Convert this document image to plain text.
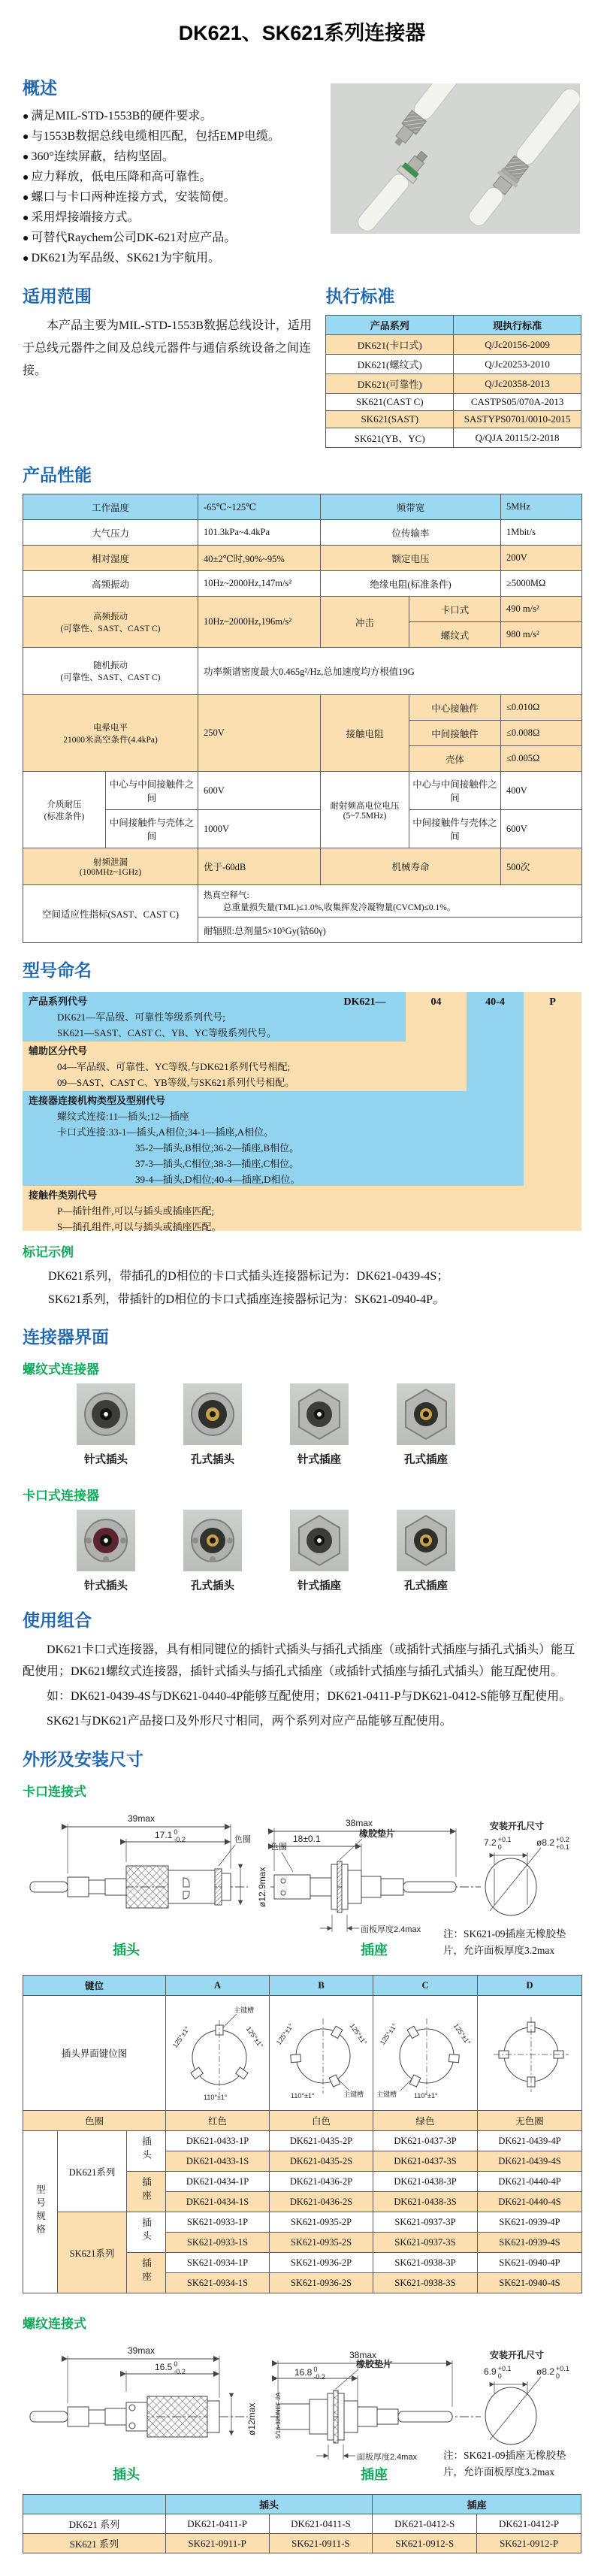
DK621、SK621系列连接器
概述
● 满足MIL-STD-1553B的硬件要求。
● 与1553B数据总线电缆相匹配，包括EMP电缆。
● 360°连续屏蔽，结构坚固。
● 应力释放，低电压降和高可靠性。
● 螺口与卡口两种连接方式，安装简便。
● 采用焊接端接方式。
● 可替代Raychem公司DK-621对应产品。
● DK621为军品级、SK621为宇航用。
适用范围

本产品主要为MIL-STD-1553B数据总线设计，适用于总线元器件之间及总线元器件与通信系统设备之间连接。

执行标准
产品系列	现执行标准
DK621(卡口式)	Q/Jc20156-2009
DK621(螺纹式)	Q/Jc20253-2010
DK621(可靠性)	Q/Jc20358-2013
SK621(CAST C)	CASTPS05/070A-2013
SK621(SAST)	SASTYPS0701/0010-2015
SK621(YB、YC)	Q/QJA 20115/2-2018
产品性能
工作温度		-65℃~125℃	频带宽		5MHz
大气压力		101.3kPa~4.4kPa	位传输率		1Mbit/s
相对湿度		40±2℃时,90%~95%	额定电压		200V
高频振动		10Hz~2000Hz,147m/s²	绝缘电阻(标准条件)		≥5000MΩ

高频振动
(可靠性、SAST、CAST C)		10Hz~2000Hz,196m/s²	冲击	卡口式	490 m/s²
				螺纹式	980 m/s²

随机振动
(可靠性、SAST、CAST C)		功率频谱密度最大0.465g²/Hz,总加速度均方根值19G			

电晕电平
21000米高空条件(4.4kPa)		250V	接触电阻	中心接触件	≤0.010Ω
				中间接触件	≤0.008Ω
				壳体	≤0.005Ω

介质耐压
(标准条件)	中心与中间接触件之间	600V	耐射频高电位电压
(5~7.5MHz)	中心与中间接触件之间	400V
	中间接触件与壳体之间	1000V		中间接触件与壳体之间	600V

射频泄漏
(100MHz~1GHz)		优于-60dB	机械寿命		500次
空间适应性指标(SAST、CAST C)		热真空释气:
总重量损失量(TML)≤1.0%,收集挥发冷凝物量(CVCM)≤0.1%。			

		耐辐照:总剂量5×10⁵Gy(钴60γ)			
型号命名
产品系列代号
DK621—军品级、可靠性等级系列代号;
SK621—SAST、CAST C、YB、YC等级系列代号。
辅助区分代号
04—军品级、可靠性、YC等级,与DK621系列代号相配;
09—SAST、CAST C、YB等级,与SK621系列代号相配。
连接器连接机构类型及型别代号
螺纹式连接:11—插头;12—插座
卡口式连接:33-1—插头,A相位;34-1—插座,A相位。
35-2—插头,B相位;36-2—插座,B相位。
37-3—插头,C相位;38-3—插座,C相位。
39-4—插头,D相位;40-4—插座,D相位。
接触件类别代号
P—插针组件,可以与插头或插座匹配;
S—插孔组件,可以与插头或插座匹配。
DK621—	04	40-4	P
标记示例

DK621系列，带插孔的D相位的卡口式插头连接器标记为：DK621-0439-4S；

SK621系列，带插针的D相位的卡口式插座连接器标记为：SK621-0940-4P。

连接器界面
螺纹式连接器
针式插头	孔式插头	针式插座	孔式插座
卡口式连接器
针式插头	孔式插头	针式插座	孔式插座
使用组合

DK621卡口式连接器，具有相同键位的插针式插头与插孔式插座（或插针式插座与插孔式插头）能互配使用；DK621螺纹式连接器，插针式插头与插孔式插座（或插针式插座与插孔式插头）能互配使用。

如：DK621-0439-4S与DK621-0440-4P能够互配使用；DK621-0411-P与DK621-0412-S能够互配使用。

SK621与DK621产品接口及外形尺寸相同，两个系列对应产品能够互配使用。

外形及安装尺寸
卡口连接式
39max
17.1 0
-0.2	色圈
ø12.9max
38max
18±0.1	橡胶垫片
色圈
面板厚度2.4max
安装开孔尺寸
7.2 +0.1
0	ø8.2 +0.2
+0.1
插头	插座
注：SK621-09插座无橡胶垫片，允许面板厚度3.2max
键位			A	B	C	D
插头界面键位图			主键槽
125°±1° 125°±1°
110°±1°	主键槽
125°±1° 125°±1°
110°±1°	主键槽
125°±1° 125°±1°
110°±1°

色圈			红色	白色	绿色	无色圈
型号规格	DK621系列	插头	DK621-0433-1P	DK621-0435-2P	DK621-0437-3P	DK621-0439-4P
			DK621-0433-1S	DK621-0435-2S	DK621-0437-3S	DK621-0439-4S
		插座	DK621-0434-1P	DK621-0436-2P	DK621-0438-3P	DK621-0440-4P
			DK621-0434-1S	DK621-0436-2S	DK621-0438-3S	DK621-0440-4S
	SK621系列	插头	SK621-0933-1P	SK621-0935-2P	SK621-0937-3P	SK621-0939-4P
			SK621-0933-1S	SK621-0935-2S	SK621-0937-3S	SK621-0939-4S
		插座	SK621-0934-1P	SK621-0936-2P	SK621-0938-3P	SK621-0940-4P
			SK621-0934-1S	SK621-0936-2S	SK621-0938-3S	SK621-0940-4S
螺纹连接式
39max
16.5 0
-0.2
ø12max
38max
16.8 0
-0.2
橡胶垫片
5/16-32UNEF-2A
面板厚度2.4max
安装开孔尺寸
6.9 +0.1
0	ø8.2 +0.1
0
插头	插座
注：SK621-09插座无橡胶垫片，允许面板厚度3.2max
	插头		插座	
DK621 系列	DK621-0411-P	DK621-0411-S	DK621-0412-S	DK621-0412-P
SK621 系列	SK621-0911-P	SK621-0911-S	SK621-0912-S	SK621-0912-P
